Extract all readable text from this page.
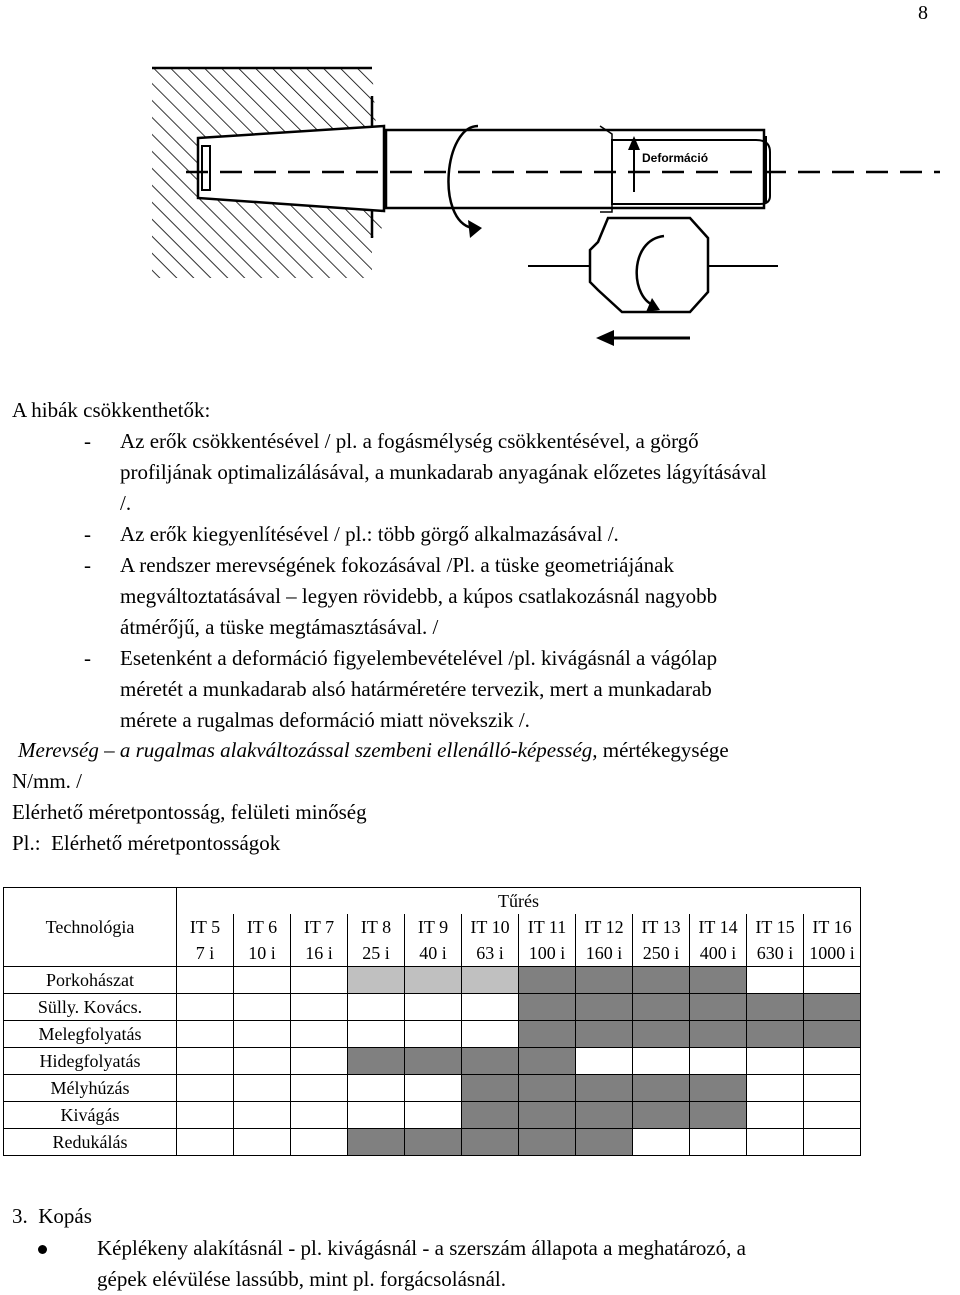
8
Deformáció
A hibák csökkenthetők:
- Az erők csökkentésével / pl. a fogásmélység csökkentésével, a görgő
profiljának optimalizálásával, a munkadarab anyagának előzetes lágyításával
/.
- Az erők kiegyenlítésével / pl.: több görgő alkalmazásával /.
- A rendszer merevségének fokozásával /Pl. a tüske geometriájának
megváltoztatásával – legyen rövidebb, a kúpos csatlakozásnál nagyobb
átmérőjű, a tüske megtámasztásával. /
- Esetenként a deformáció figyelembevételével /pl. kivágásnál a vágólap
méretét a munkadarab alsó határméretére tervezik, mert a munkadarab
mérete a rugalmas deformáció miatt növekszik /.
Merevség – a rugalmas alakváltozással szembeni ellenálló-képesség, mértékegysége
N/mm. /
Elérhető méretpontosság, felületi minőség
Pl.:  Elérhető méretpontosságok
Technológia	Tűrés											
	IT 5	IT 6	IT 7	IT 8	IT 9	IT 10	IT 11	IT 12	IT 13	IT 14	IT 15	IT 16
	7 i	10 i	16 i	25 i	40 i	63 i	100 i	160 i	250 i	400 i	630 i	1000 i
Porkohászat												
Sülly. Kovács.												
Melegfolyatás												
Hidegfolyatás												
Mélyhúzás												
Kivágás												
Redukálás												
3.  Kopás
Képlékeny alakításnál - pl. kivágásnál - a szerszám állapota a meghatározó, a
gépek elévülése lassúbb, mint pl. forgácsolásnál.
